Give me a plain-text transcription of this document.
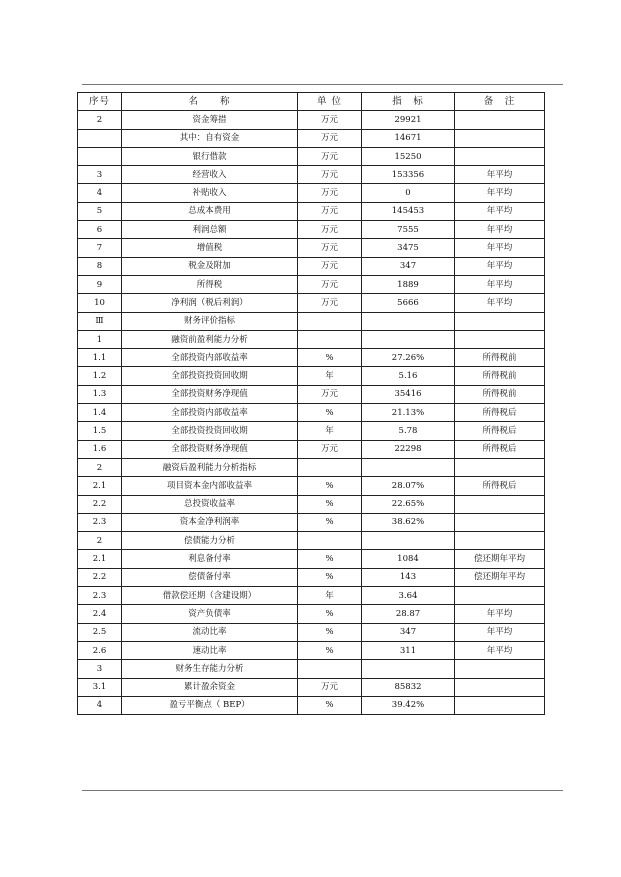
序号	名　　称	单 位	指　标	备　注
2	资金筹措	万元	29921	
	其中：自有资金	万元	14671	
	银行借款	万元	15250	
3	经营收入	万元	153356	年平均
4	补贴收入	万元	0	年平均
5	总成本费用	万元	145453	年平均
6	利润总额	万元	7555	年平均
7	增值税	万元	3475	年平均
8	税金及附加	万元	347	年平均
9	所得税	万元	1889	年平均
10	净利润（税后利润）	万元	5666	年平均
Ⅲ	财务评价指标			
1	融资前盈利能力分析			
1.1	全部投资内部收益率	%	27.26%	所得税前
1.2	全部投资投资回收期	年	5.16	所得税前
1.3	全部投资财务净现值	万元	35416	所得税前
1.4	全部投资内部收益率	%	21.13%	所得税后
1.5	全部投资投资回收期	年	5.78	所得税后
1.6	全部投资财务净现值	万元	22298	所得税后
2	融资后盈利能力分析指标			
2.1	项目资本金内部收益率	%	28.07%	所得税后
2.2	总投资收益率	%	22.65%	
2.3	资本金净利润率	%	38.62%	
2	偿债能力分析			
2.1	利息备付率	%	1084	偿还期年平均
2.2	偿债备付率	%	143	偿还期年平均
2.3	借款偿还期（含建设期）	年	3.64	
2.4	资产负债率	%	28.87	年平均
2.5	流动比率	%	347	年平均
2.6	速动比率	%	311	年平均
3	财务生存能力分析			
3.1	累计盈余资金	万元	85832	
4	盈亏平衡点（ BEP）	%	39.42%	
